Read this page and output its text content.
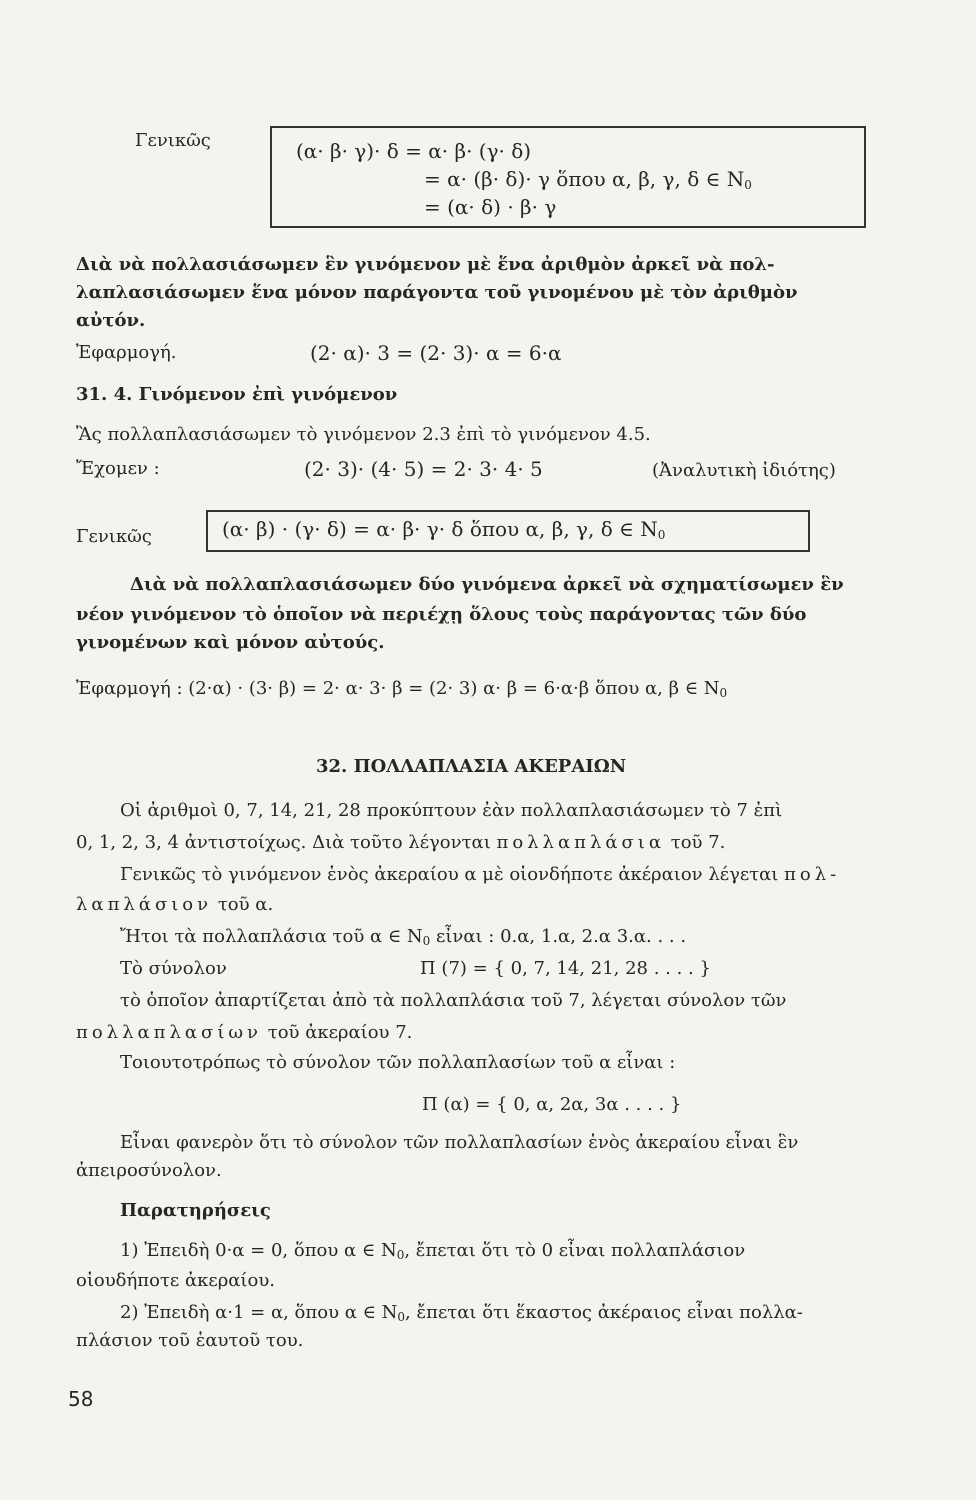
Γενικῶς	(α· β· γ)· δ = α· β· (γ· δ)
= α· (β· δ)· γ ὅπου α, β, γ, δ ∈ $N_0$
= (α· δ) · β· γ
Διὰ νὰ πολλασιάσωμεν ἓν γινόμενον μὲ ἕνα ἀριθμὸν ἀρκεῖ νὰ πολ-
λαπλασιάσωμεν ἕνα μόνον παράγοντα τοῦ γινομένου μὲ τὸν ἀριθμὸν
αὐτόν.
Ἐφαρμογή.	(2· α)· 3 = (2· 3)· α = 6·α
31. 4. Γινόμενον ἐπὶ γινόμενον
Ἂς πολλαπλασιάσωμεν τὸ γινόμενον 2.3 ἐπὶ τὸ γινόμενον 4.5.
Ἔχομεν :	(2· 3)· (4· 5) = 2· 3· 4· 5	(Ἀναλυτικὴ ἰδιότης)
Γενικῶς	(α· β) · (γ· δ) = α· β· γ· δ ὅπου α, β, γ, δ ∈ $N_0$
Διὰ νὰ πολλαπλασιάσωμεν δύο γινόμενα ἀρκεῖ νὰ σχηματίσωμεν ἓν
νέον γινόμενον τὸ ὁποῖον νὰ περιέχῃ ὅλους τοὺς παράγοντας τῶν δύο
γινομένων καὶ μόνον αὐτούς.
Ἐφαρμογή : (2·α) · (3· β) = 2· α· 3· β = (2· 3) α· β = 6·α·β ὅπου α, β ∈ $N_0$
32. ΠΟΛΛΑΠΛΑΣΙΑ ΑΚΕΡΑΙΩΝ
Οἱ ἀριθμοὶ 0, 7, 14, 21, 28 προκύπτουν ἐὰν πολλαπλασιάσωμεν τὸ 7 ἐπὶ
0, 1, 2, 3, 4 ἀντιστοίχως. Διὰ τοῦτο λέγονται πολλαπλάσια τοῦ 7.
Γενικῶς τὸ γινόμενον ἑνὸς ἀκεραίου α μὲ οἱονδήποτε ἀκέραιον λέγεται πολ-
λαπλάσιον τοῦ α.
Ἤτοι τὰ πολλαπλάσια τοῦ α ∈ $N_0$ εἶναι : 0.α, 1.α, 2.α 3.α. . . .
Τὸ σύνολον	Π (7) = { 0, 7, 14, 21, 28 . . . . }
τὸ ὁποῖον ἀπαρτίζεται ἀπὸ τὰ πολλαπλάσια τοῦ 7, λέγεται σύνολον τῶν
πολλαπλασίων τοῦ ἀκεραίου 7.
Τοιουτοτρόπως τὸ σύνολον τῶν πολλαπλασίων τοῦ α εἶναι :
Π (α) = { 0, α, 2α, 3α . . . . }
Εἶναι φανερὸν ὅτι τὸ σύνολον τῶν πολλαπλασίων ἑνὸς ἀκεραίου εἶναι ἓν
ἀπειροσύνολον.
Παρατηρήσεις
1) Ἐπειδὴ 0·α = 0, ὅπου α ∈ $N_0$, ἔπεται ὅτι τὸ 0 εἶναι πολλαπλάσιον
οἱουδήποτε ἀκεραίου.
2) Ἐπειδὴ α·1 = α, ὅπου α ∈ $N_0$, ἔπεται ὅτι ἕκαστος ἀκέραιος εἶναι πολλα-
πλάσιον τοῦ ἑαυτοῦ του.
58
